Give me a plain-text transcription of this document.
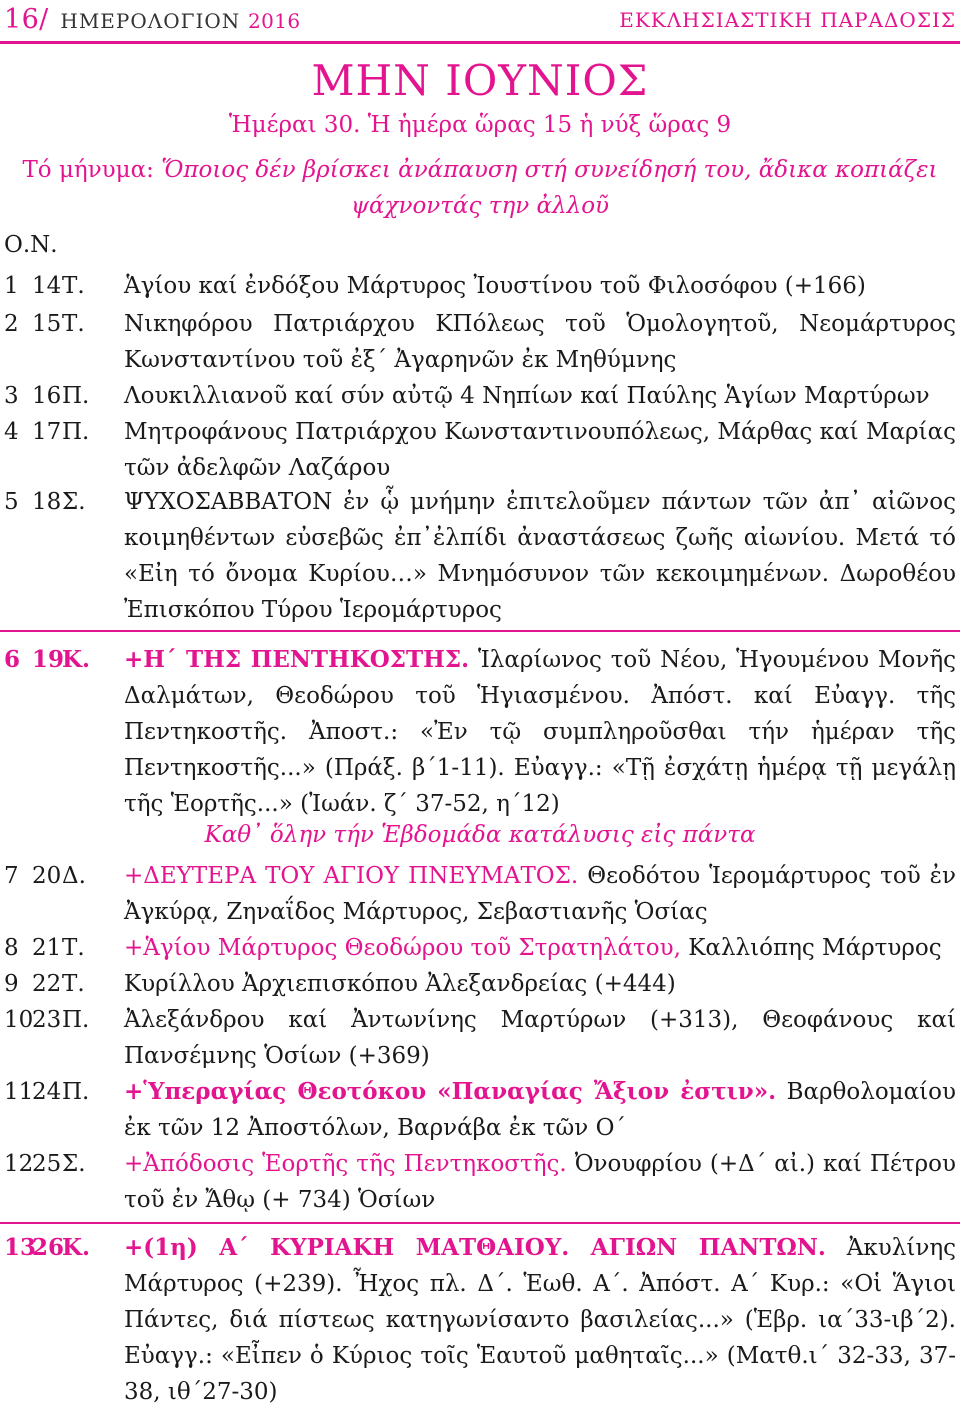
16/ ΗΜΕΡΟΛΟΓΙΟΝ 2016	ΕΚΚΛΗΣΙΑΣΤΙΚΗ ΠΑΡΑΔΟΣΙΣ
ΜΗΝ ΙΟΥΝΙΟΣ
Ἡμέραι 30. Ἡ ἡμέρα ὥρας 15 ἡ νύξ ὥρας 9
Τό μήνυμα: Ὅποιος δέν βρίσκει ἀνάπαυση στή συνείδησή του, ἄδικα κοπιάζει
ψάχνοντάς την ἀλλοῦ
Ο.Ν.
1 14 Τ. Ἁγίου καί ἐνδόξου Μάρτυρος Ἰουστίνου τοῦ Φιλοσόφου (+166)
2 15 Τ. Νικηφόρου Πατριάρχου ΚΠόλεως τοῦ Ὁμολογητοῦ, Νεομάρτυρος Κωνσταντίνου τοῦ ἐξ΄ Ἀγαρηνῶν ἐκ Μηθύμνης
3 16 Π. Λουκιλλιανοῦ καί σύν αὐτῷ 4 Νηπίων καί Παύλης Ἁγίων Μαρτύρων
4 17 Π. Μητροφάνους Πατριάρχου Κωνσταντινουπόλεως, Μάρθας καί Μαρίας τῶν ἀδελφῶν Λαζάρου
5 18 Σ. ΨΥΧΟΣΑΒΒΑΤΟΝ ἐν ᾧ μνήμην ἐπιτελοῦμεν πάντων τῶν ἀπ᾽ αἰῶνος κοιμηθέντων εὐσεβῶς ἐπ᾽ἐλπίδι ἀναστάσεως ζωῆς αἰωνίου. Μετά τό «Εἰη τό ὄνομα Κυρίου…» Μνημόσυνον τῶν κεκοιμημένων. Δωροθέου Ἐπισκόπου Τύρου Ἱερομάρτυρος
6 19
Κ. +Η΄ ΤΗΣ ΠΕΝΤΗΚΟΣΤΗΣ. Ἱλαρίωνος τοῦ Νέου, Ἡγουμένου Μονῆς Δαλμάτων, Θεοδώρου τοῦ Ἡγιασμένου. Ἀπόστ. καί Εὐαγγ. τῆς Πεντηκοστῆς. Ἀποστ.: «Ἐν τῷ συμπληροῦσθαι τήν ἡμέραν τῆς Πεντηκοστῆς...» (Πράξ. β΄1-11). Εὐαγγ.: «Τῇ ἐσχάτῃ ἡμέρᾳ τῇ μεγάλῃ τῆς Ἑορτῆς...» (Ἰωάν. ζ΄ 37-52, η΄12)
Καθ᾽ ὅλην τήν Ἑβδομάδα κατάλυσις εἰς πάντα
7 20 Δ. +ΔΕΥΤΕΡΑ ΤΟΥ ΑΓΙΟΥ ΠΝΕΥΜΑΤΟΣ. Θεοδότου Ἱερομάρτυρος τοῦ ἐν Ἀγκύρᾳ, Ζηναΐδος Μάρτυρος, Σεβαστιανῆς Ὁσίας
8 21 Τ. +Ἁγίου Μάρτυρος Θεοδώρου τοῦ Στρατηλάτου, Καλλιόπης Μάρτυρος
9 22 Τ. Κυρίλλου Ἀρχιεπισκόπου Ἀλεξανδρείας (+444)
10
23 Π. Ἀλεξάνδρου καί Ἀντωνίνης Μαρτύρων (+313), Θεοφάνους καί Πανσέμνης Ὁσίων (+369)
11
24 Π. +Ὑπεραγίας Θεοτόκου «Παναγίας Ἄξιον ἐστιν». Βαρθολομαίου ἐκ τῶν 12 Ἀποστόλων, Βαρνάβα ἐκ τῶν Ο΄
12
25 Σ. +Ἀπόδοσις Ἑορτῆς τῆς Πεντηκοστῆς. Ὀνουφρίου (+Δ΄ αἰ.) καί Πέτρου τοῦ ἐν Ἄθῳ (+ 734) Ὁσίων
13
26
Κ. +(1η) Α΄ ΚΥΡΙΑΚΗ ΜΑΤΘΑΙΟΥ. ΑΓΙΩΝ ΠΑΝΤΩΝ. Ἀκυλίνης Μάρτυρος (+239). Ἦχος πλ. Δ΄. Ἑωθ. Α΄. Ἀπόστ. Α΄ Κυρ.: «Οἱ Ἅγιοι Πάντες, διά πίστεως κατηγωνίσαντο βασιλείας...» (Ἑβρ. ια΄33-ιβ΄2). Εὐαγγ.: «Εἶπεν ὁ Κύριος τοῖς Ἑαυτοῦ μαθηταῖς...» (Ματθ.ι΄ 32-33, 37-38, ιθ΄27-30)
